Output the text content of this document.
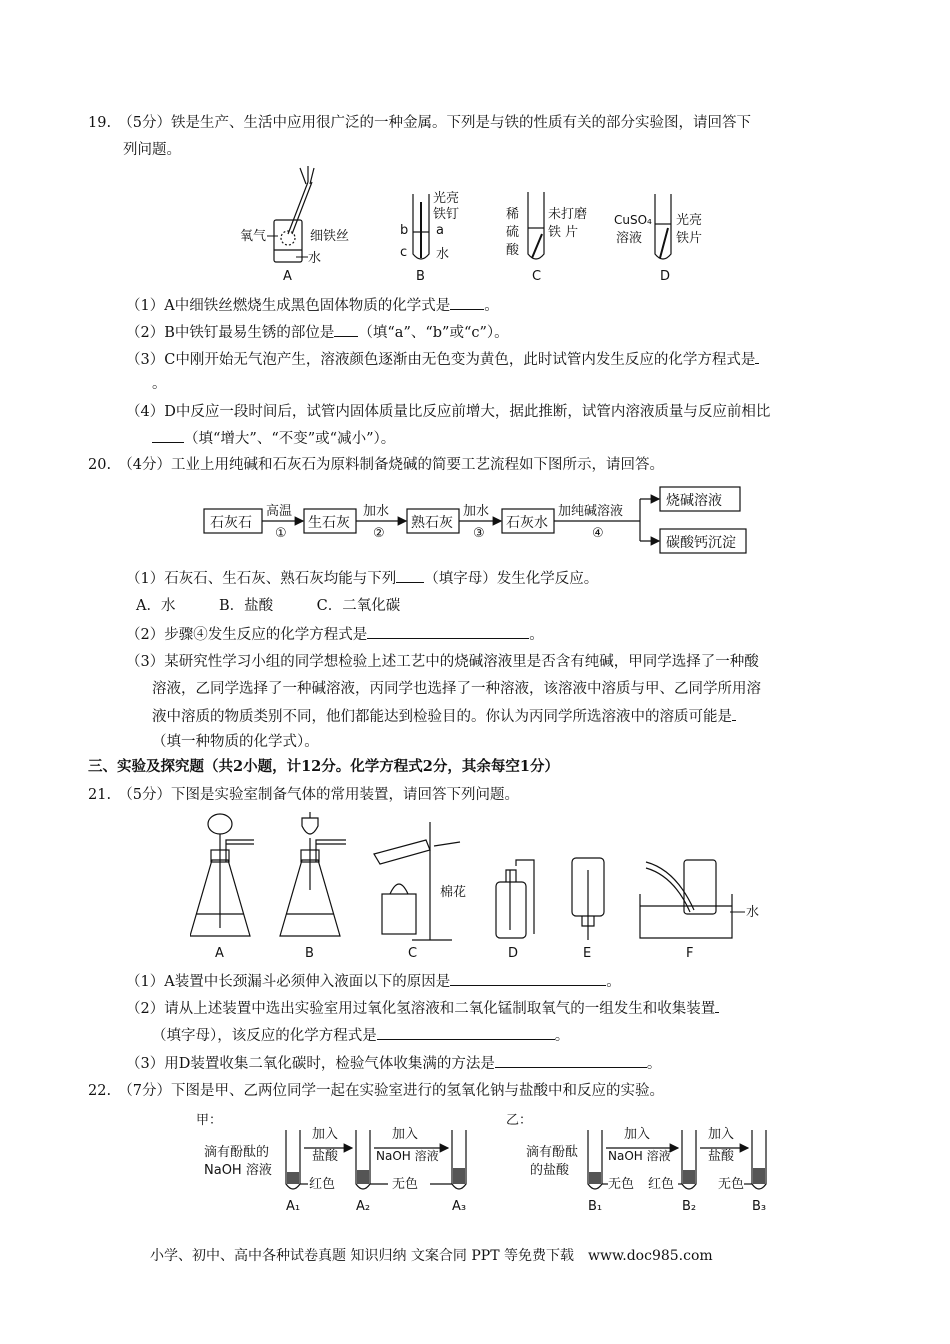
19.　（5分）铁是生产、生活中应用很广泛的一种金属。下列是与铁的性质有关的部分实验图，请回答下
列问题。
氧气	细铁丝
水
A
光亮
铁钉
a
b
c 水
B
稀
硫
酸
未打磨
铁 片
C
CuSO₄
溶液
光亮
铁片
D
（1）A中细铁丝燃烧生成黑色固体物质的化学式是 。
（2）B中铁钉最易生锈的部位是 （填“a”、“b”或“c”）。
（3）C中刚开始无气泡产生，溶液颜色逐渐由无色变为黄色，此时试管内发生反应的化学方程式是
。
（4）D中反应一段时间后，试管内固体质量比反应前增大，据此推断，试管内溶液质量与反应前相比
（填“增大”、“不变”或“减小”）。
20.　（4分）工业上用纯碱和石灰石为原料制备烧碱的简要工艺流程如下图所示，请回答。
石灰石	生石灰	熟石灰	石灰水
烧碱溶液
碳酸钙沉淀
高温	加水	加水	加纯碱溶液
①	②	③	④
（1）石灰石、生石灰、熟石灰均能与下列 （填字母）发生化学反应。
A．水　　　B．盐酸　　　C．二氧化碳
（2）步骤④发生反应的化学方程式是	。
（3）某研究性学习小组的同学想检验上述工艺中的烧碱溶液里是否含有纯碱，甲同学选择了一种酸
溶液，乙同学选择了一种碱溶液，丙同学也选择了一种溶液，该溶液中溶质与甲、乙同学所用溶
液中溶质的物质类别不同，他们都能达到检验目的。你认为丙同学所选溶液中的溶质可能是
（填一种物质的化学式）。
三、实验及探究题（共2小题，计12分。化学方程式2分，其余每空1分）
21.　（5分）下图是实验室制备气体的常用装置，请回答下列问题。
棉花
水
A	B	C	D	E	F
（1）A装置中长颈漏斗必须伸入液面以下的原因是	。
（2）请从上述装置中选出实验室用过氧化氢溶液和二氧化锰制取氧气的一组发生和收集装置
（填字母），该反应的化学方程式是	。
（3）用D装置收集二氧化碳时，检验气体收集满的方法是	。
22.　（7分）下图是甲、乙两位同学一起在实验室进行的氢氧化钠与盐酸中和反应的实验。
甲：
滴有酚酞的
NaOH 溶液
加入
盐酸
加入
NaOH 溶液
红色	无色
A₁	A₂	A₃
乙：
滴有酚酞
的盐酸
加入
NaOH 溶液
加入
盐酸
无色 红色	无色
B₁	B₂	B₃
小学、初中、高中各种试卷真题 知识归纳 文案合同 PPT 等免费下载　www.doc985.com
